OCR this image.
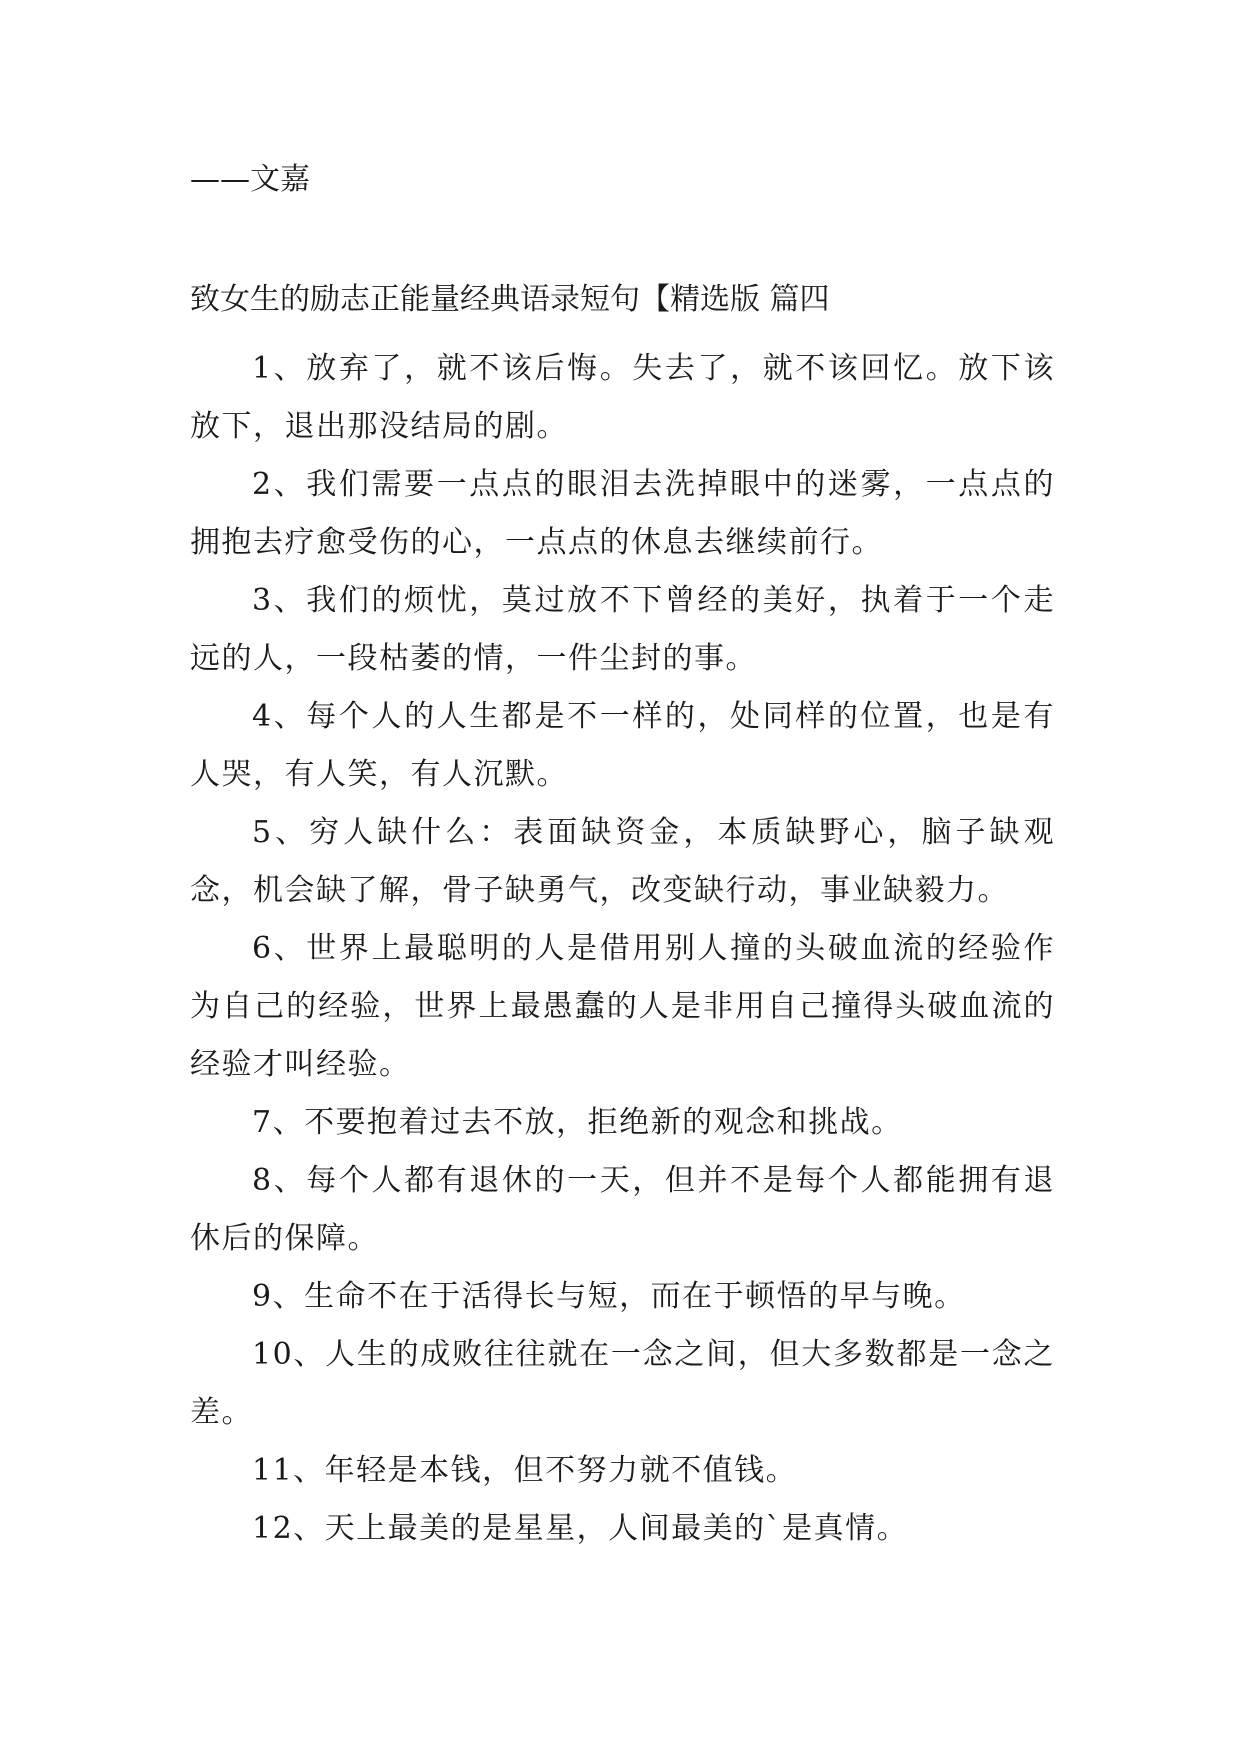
——文嘉
致女生的励志正能量经典语录短句【精选版 篇四

1、放弃了，就不该后悔。失去了，就不该回忆。放下该放下，退出那没结局的剧。

2、我们需要一点点的眼泪去洗掉眼中的迷雾，一点点的拥抱去疗愈受伤的心，一点点的休息去继续前行。

3、我们的烦忧，莫过放不下曾经的美好，执着于一个走远的人，一段枯萎的情，一件尘封的事。

4、每个人的人生都是不一样的，处同样的位置，也是有人哭，有人笑，有人沉默。

5、穷人缺什么：表面缺资金，本质缺野心，脑子缺观念，机会缺了解，骨子缺勇气，改变缺行动，事业缺毅力。

6、世界上最聪明的人是借用别人撞的头破血流的经验作为自己的经验，世界上最愚蠢的人是非用自己撞得头破血流的经验才叫经验。

7、不要抱着过去不放，拒绝新的观念和挑战。

8、每个人都有退休的一天，但并不是每个人都能拥有退休后的保障。

9、生命不在于活得长与短，而在于顿悟的早与晚。

10、人生的成败往往就在一念之间，但大多数都是一念之差。

11、年轻是本钱，但不努力就不值钱。

12、天上最美的是星星，人间最美的`是真情。
